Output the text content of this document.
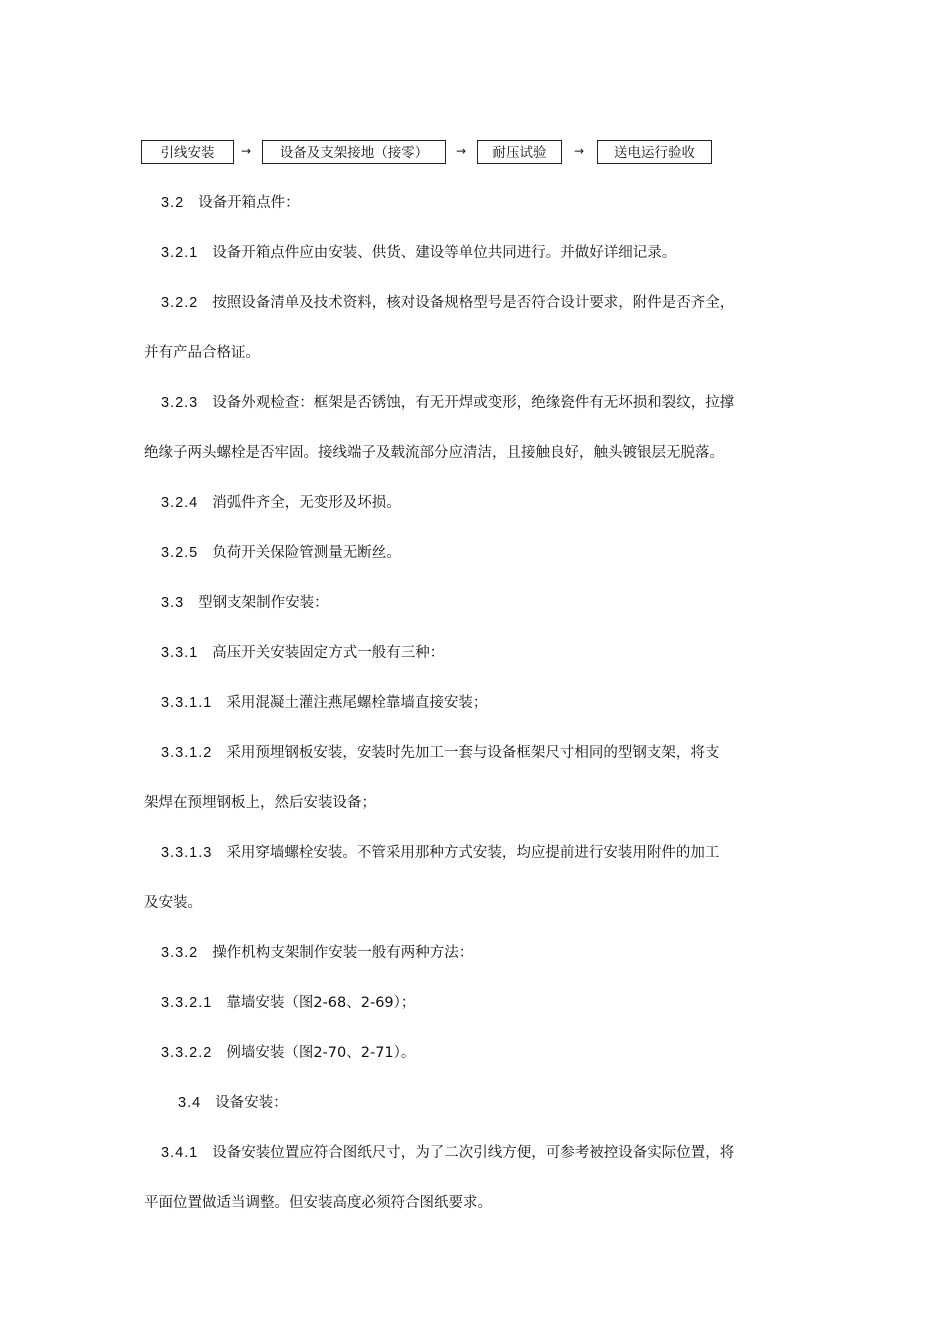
引线安装	→	设备及支架接地（接零）	→	耐压试验	→	送电运行验收
3.2 设备开箱点件：
3.2.1 设备开箱点件应由安装、供货、建设等单位共同进行。并做好详细记录。
3.2.2 按照设备清单及技术资料，核对设备规格型号是否符合设计要求，附件是否齐全，
并有产品合格证。
3.2.3 设备外观检查：框架是否锈蚀，有无开焊或变形，绝缘瓷件有无坏损和裂纹，拉撑
绝缘子两头螺栓是否牢固。接线端子及载流部分应清洁，且接触良好，触头镀银层无脱落。
3.2.4 消弧件齐全，无变形及坏损。
3.2.5 负荷开关保险管测量无断丝。
3.3 型钢支架制作安装：
3.3.1 高压开关安装固定方式一般有三种：
3.3.1.1 采用混凝土灌注燕尾螺栓靠墙直接安装；
3.3.1.2 采用预埋钢板安装，安装时先加工一套与设备框架尺寸相同的型钢支架，将支
架焊在预埋钢板上，然后安装设备；
3.3.1.3 采用穿墙螺栓安装。不管采用那种方式安装，均应提前进行安装用附件的加工
及安装。
3.3.2 操作机构支架制作安装一般有两种方法：
3.3.2.1 靠墙安装（图2-68、2-69）；
3.3.2.2 例墙安装（图2-70、2-71）。
3.4 设备安装：
3.4.1 设备安装位置应符合图纸尺寸，为了二次引线方便，可参考被控设备实际位置，将
平面位置做适当调整。但安装高度必须符合图纸要求。
